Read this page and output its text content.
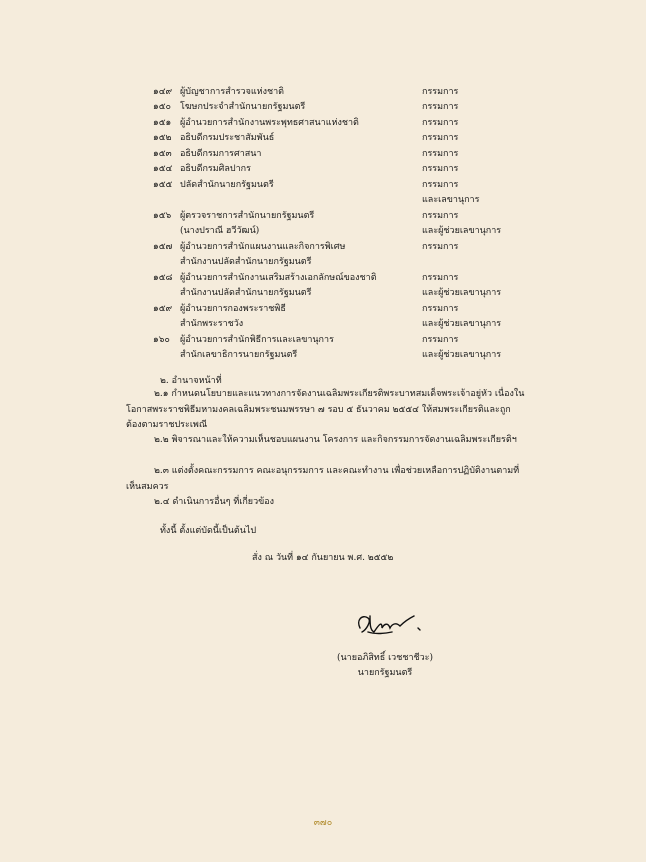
๑๔๙ ผู้บัญชาการสำรวจแห่งชาติ	กรรมการ
๑๕๐ โฆษกประจำสำนักนายกรัฐมนตรี	กรรมการ
๑๕๑ ผู้อำนวยการสำนักงานพระพุทธศาสนาแห่งชาติ	กรรมการ
๑๕๒ อธิบดีกรมประชาสัมพันธ์	กรรมการ
๑๕๓ อธิบดีกรมการศาสนา	กรรมการ
๑๕๔ อธิบดีกรมศิลปากร	กรรมการ
๑๕๕ ปลัดสำนักนายกรัฐมนตรี	กรรมการ
และเลขานุการ
๑๕๖ ผู้ตรวจราชการสำนักนายกรัฐมนตรี	กรรมการ
(นางปราณี ฮวีวัฒน์)	และผู้ช่วยเลขานุการ
๑๕๗ ผู้อำนวยการสำนักแผนงานและกิจการพิเศษ	กรรมการ
สำนักงานปลัดสำนักนายกรัฐมนตรี
๑๕๘ ผู้อำนวยการสำนักงานเสริมสร้างเอกลักษณ์ของชาติ	กรรมการ
สำนักงานปลัดสำนักนายกรัฐมนตรี	และผู้ช่วยเลขานุการ
๑๕๙ ผู้อำนวยการกองพระราชพิธี	กรรมการ
สำนักพระราชวัง	และผู้ช่วยเลขานุการ
๑๖๐	ผู้อำนวยการสำนักพิธีการและเลขานุการ	กรรมการ
สำนักเลขาธิการนายกรัฐมนตรี	และผู้ช่วยเลขานุการ
๒. อำนาจหน้าที่
๒.๑ กำหนดนโยบายและแนวทางการจัดงานเฉลิมพระเกียรติพระบาทสมเด็จพระเจ้าอยู่หัว เนื่องในโอกาสพระราชพิธีมหามงคลเฉลิมพระชนมพรรษา ๗ รอบ ๕ ธันวาคม ๒๕๕๔ ให้สมพระเกียรติและถูกต้องตามราชประเพณี
๒.๒ พิจารณาและให้ความเห็นชอบแผนงาน โครงการ และกิจกรรมการจัดงานเฉลิมพระเกียรติฯ
๒.๓ แต่งตั้งคณะกรรมการ คณะอนุกรรมการ และคณะทำงาน เพื่อช่วยเหลือการปฏิบัติงานตามที่เห็นสมควร
๒.๔ ดำเนินการอื่นๆ ที่เกี่ยวข้อง
ทั้งนี้ ตั้งแต่บัดนี้เป็นต้นไป
สั่ง ณ วันที่ ๑๔ กันยายน พ.ศ. ๒๕๕๒
(นายอภิสิทธิ์ เวชชาชีวะ)
นายกรัฐมนตรี
๓๗๐
